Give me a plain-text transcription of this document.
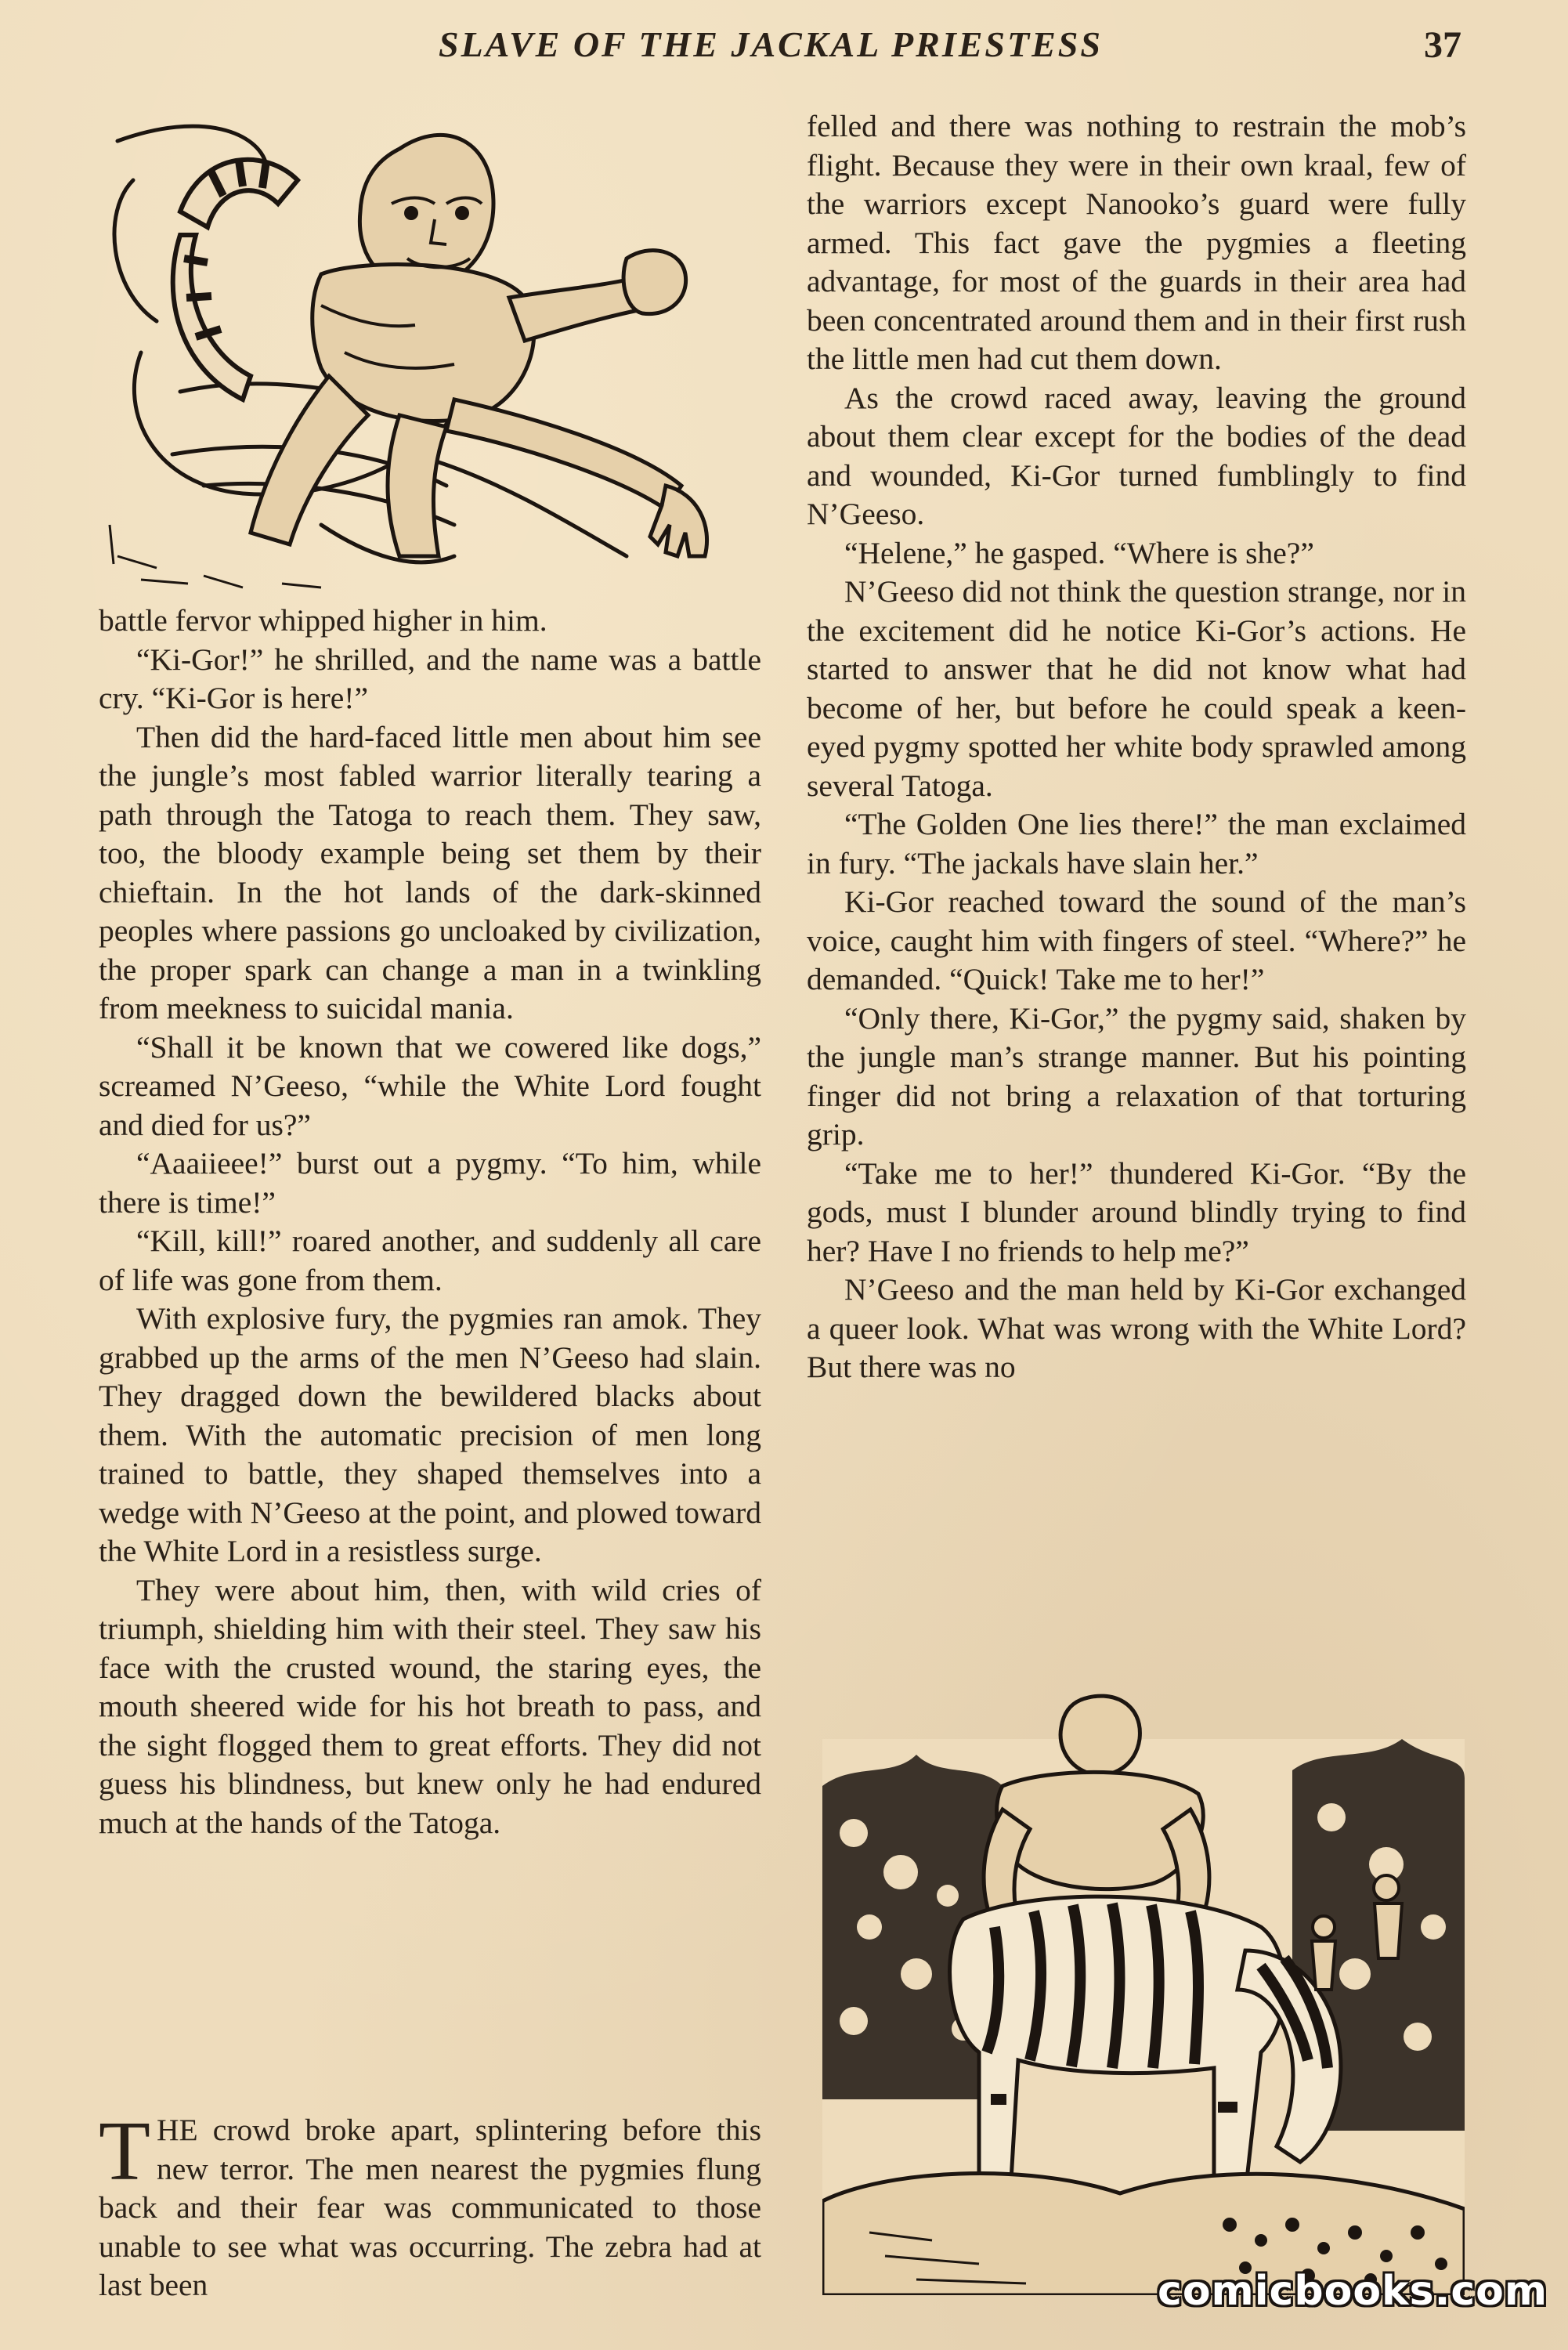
SLAVE OF THE JACKAL PRIESTESS	37

battle fervor whipped higher in him.

“Ki-Gor!” he shrilled, and the name was a battle cry. “Ki-Gor is here!”

Then did the hard-faced little men about him see the jungle’s most fabled warrior literally tearing a path through the Tatoga to reach them. They saw, too, the bloody example being set them by their chieftain. In the hot lands of the dark-skinned peoples where passions go uncloaked by civilization, the proper spark can change a man in a twinkling from meekness to suicidal mania.

“Shall it be known that we cowered like dogs,” screamed N’Geeso, “while the White Lord fought and died for us?”

“Aaaiieee!” burst out a pygmy. “To him, while there is time!”

“Kill, kill!” roared another, and suddenly all care of life was gone from them.

With explosive fury, the pygmies ran amok. They grabbed up the arms of the men N’Geeso had slain. They dragged down the bewildered blacks about them. With the automatic precision of men long trained to battle, they shaped themselves into a wedge with N’Geeso at the point, and plowed toward the White Lord in a resistless surge.

They were about him, then, with wild cries of triumph, shielding him with their steel. They saw his face with the crusted wound, the staring eyes, the mouth sheered wide for his hot breath to pass, and the sight flogged them to great efforts. They did not guess his blindness, but knew only he had endured much at the hands of the Tatoga.

THE crowd broke apart, splintering before this new terror. The men nearest the pygmies flung back and their fear was communicated to those unable to see what was occurring. The zebra had at last been

felled and there was nothing to restrain the mob’s flight. Because they were in their own kraal, few of the warriors except Nanooko’s guard were fully armed. This fact gave the pygmies a fleeting advantage, for most of the guards in their area had been concentrated around them and in their first rush the little men had cut them down.

As the crowd raced away, leaving the ground about them clear except for the bodies of the dead and wounded, Ki-Gor turned fumblingly to find N’Geeso.

“Helene,” he gasped. “Where is she?”

N’Geeso did not think the question strange, nor in the excitement did he notice Ki-Gor’s actions. He started to answer that he did not know what had become of her, but before he could speak a keen-eyed pygmy spotted her white body sprawled among several Tatoga.

“The Golden One lies there!” the man exclaimed in fury. “The jackals have slain her.”

Ki-Gor reached toward the sound of the man’s voice, caught him with fingers of steel. “Where?” he demanded. “Quick! Take me to her!”

“Only there, Ki-Gor,” the pygmy said, shaken by the jungle man’s strange manner. But his pointing finger did not bring a relaxation of that torturing grip.

“Take me to her!” thundered Ki-Gor. “By the gods, must I blunder around blindly trying to find her? Have I no friends to help me?”

N’Geeso and the man held by Ki-Gor exchanged a queer look. What was wrong with the White Lord? But there was no

comicbooks.com
